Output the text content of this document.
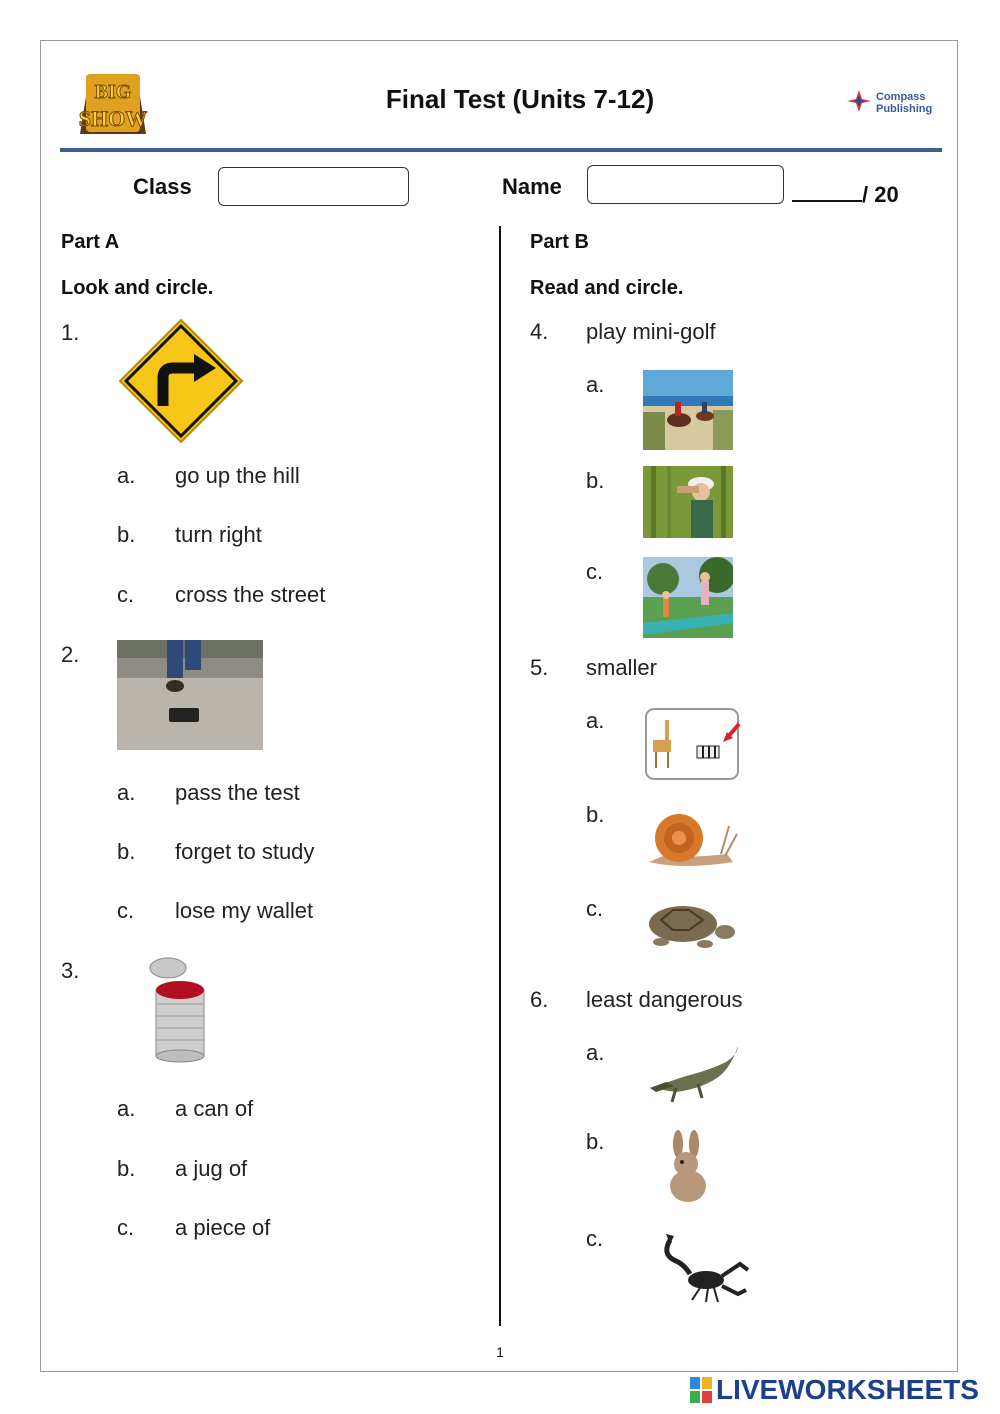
BIG
SHOW
Final Test (Units 7-12)	Compass
Publishing
Class	Name	/ 20
Part A
Look and circle.
1.
a. go up the hill
b. turn right
c. cross the street
2.
a. pass the test
b. forget to study
c. lose my wallet
3.
a. a can of
b. a jug of
c. a piece of
Part B
Read and circle.
4. play mini-golf
a.
b.
c.
5. smaller
a.
b.
c.
6. least dangerous
a.
b.
c.
1
LIVEWORKSHEETS
